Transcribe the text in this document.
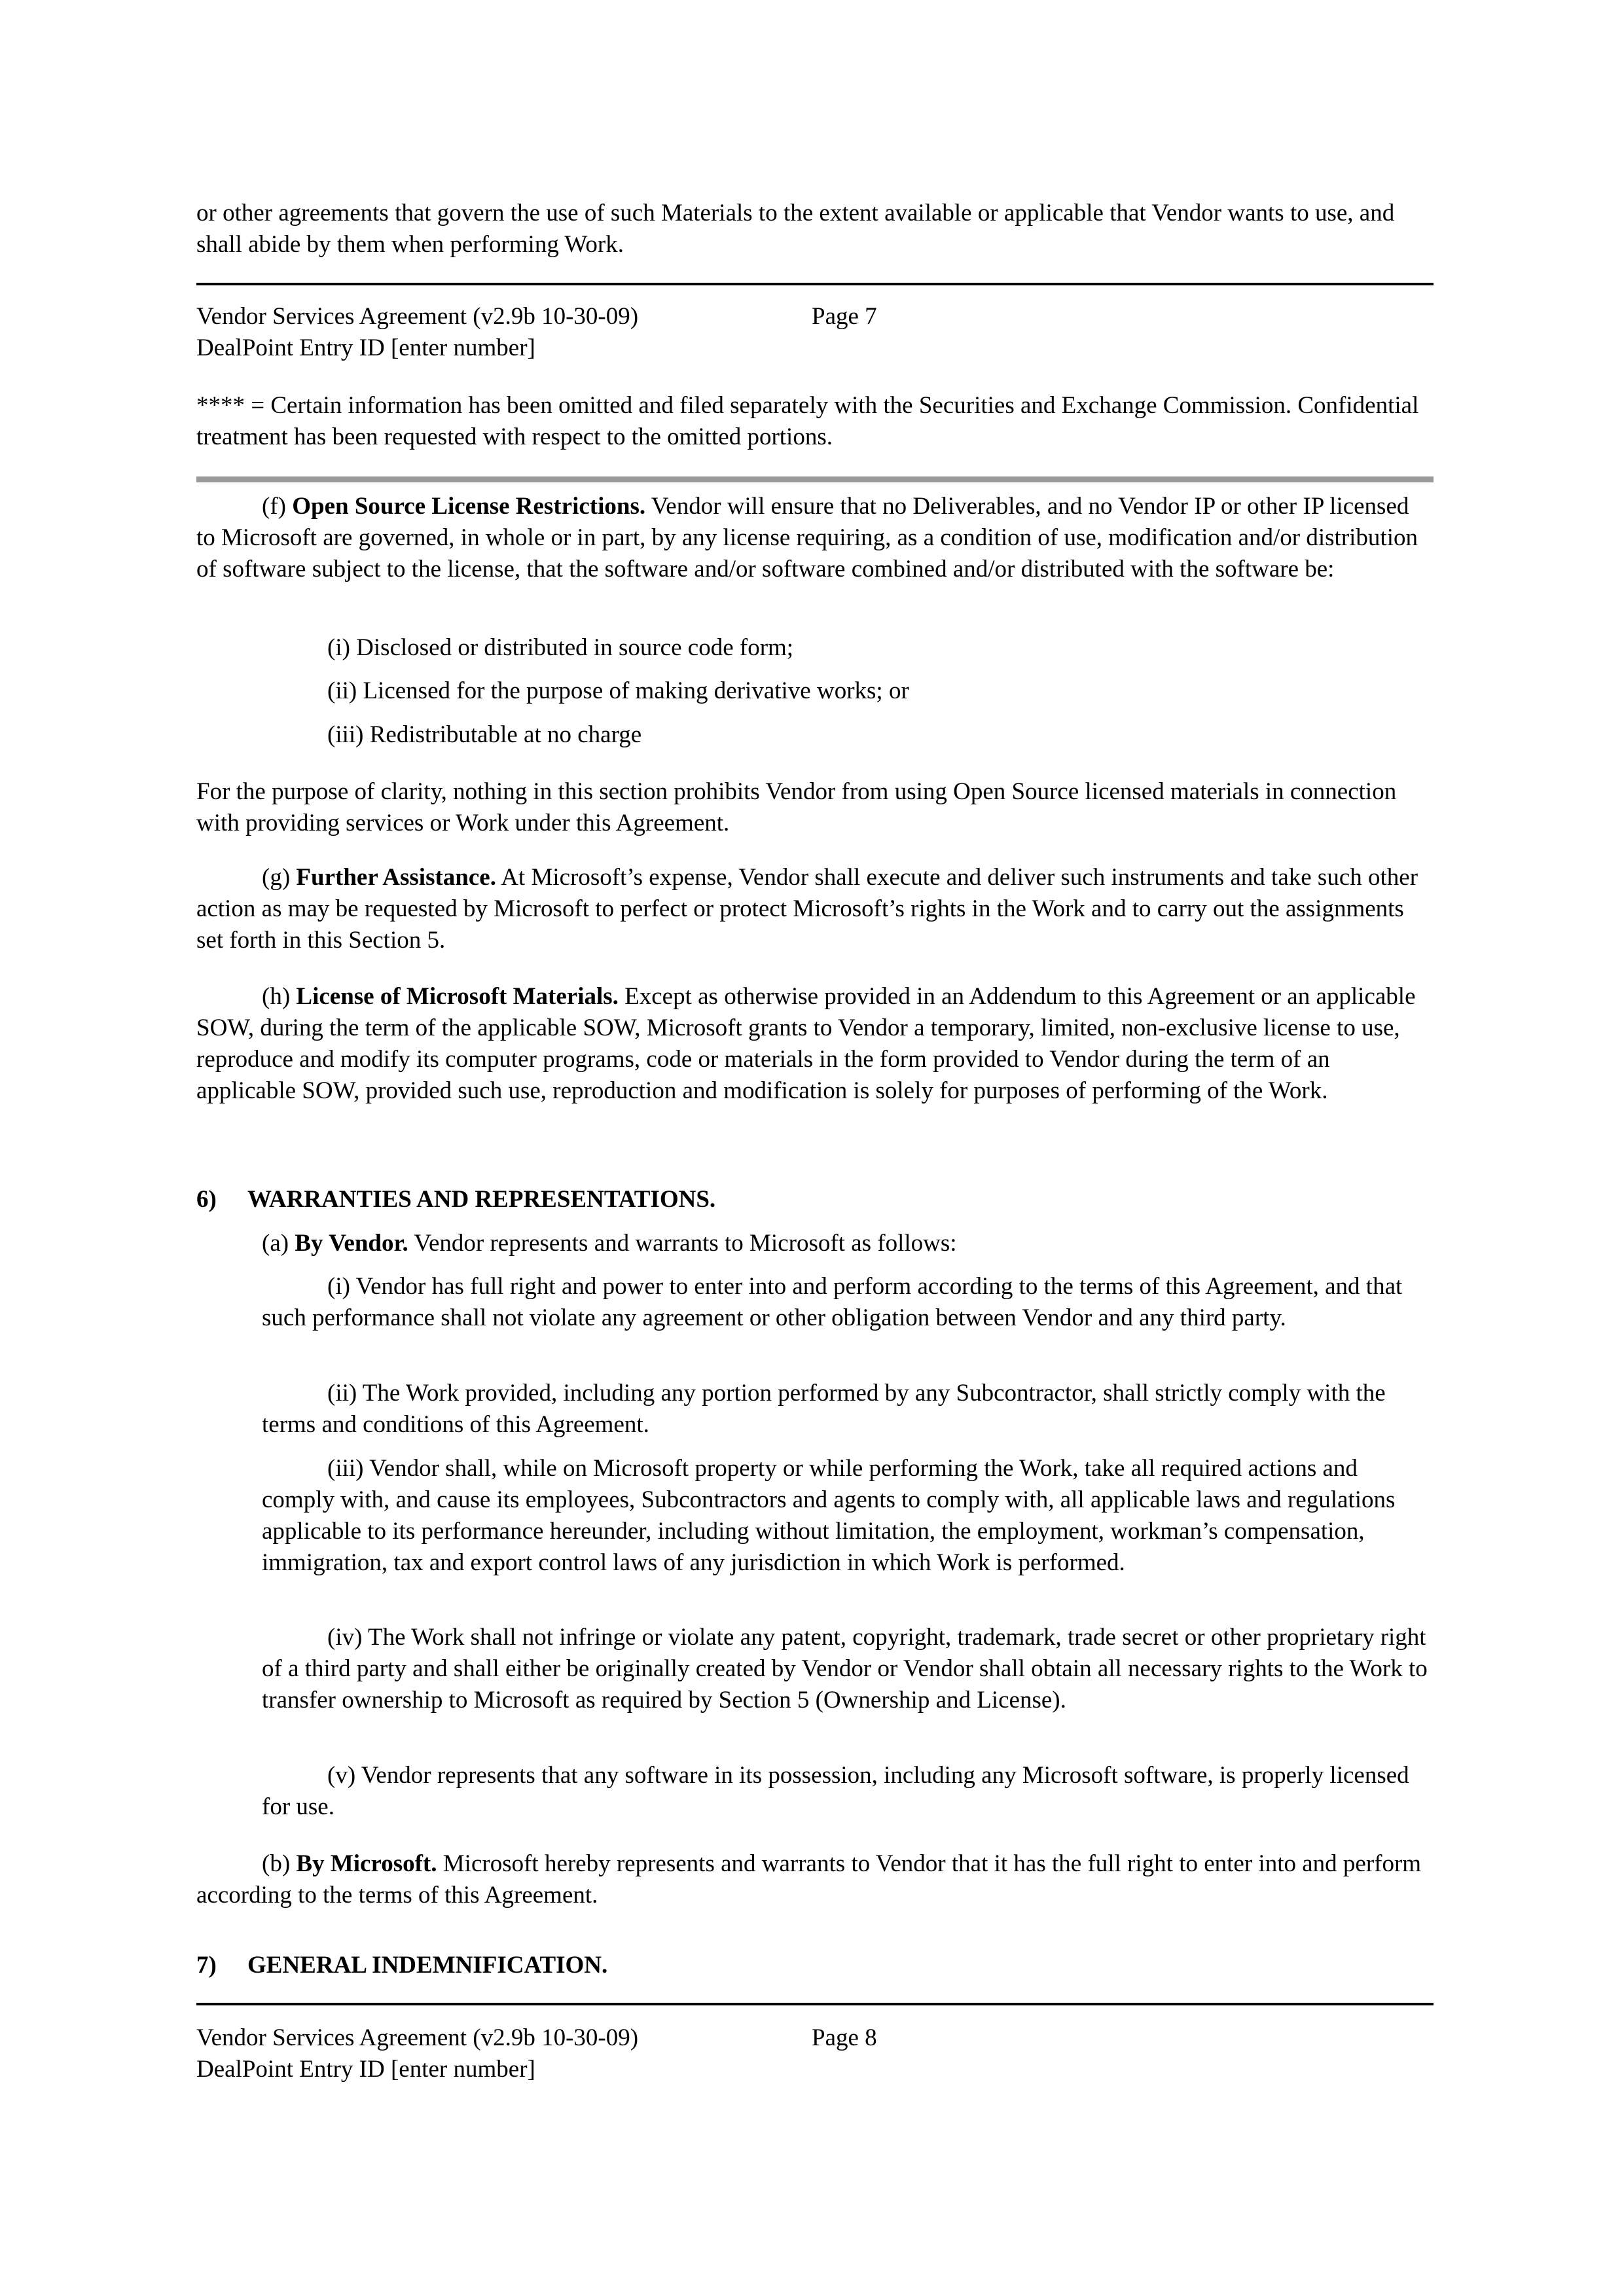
or other agreements that govern the use of such Materials to the extent available or applicable that Vendor wants to use, and shall abide by them when performing Work.

Vendor Services Agreement (v2.9b 10-30-09)
DealPoint Entry ID [enter number]
Page 7

**** = Certain information has been omitted and filed separately with the Securities and Exchange Commission. Confidential treatment has been requested with respect to the omitted portions.

(f) Open Source License Restrictions. Vendor will ensure that no Deliverables, and no Vendor IP or other IP licensed to Microsoft are governed, in whole or in part, by any license requiring, as a condition of use, modification and/or distribution of software subject to the license, that the software and/or software combined and/or distributed with the software be:

(i) Disclosed or distributed in source code form;

(ii) Licensed for the purpose of making derivative works; or

(iii) Redistributable at no charge

For the purpose of clarity, nothing in this section prohibits Vendor from using Open Source licensed materials in connection with providing services or Work under this Agreement.

(g) Further Assistance. At Microsoft’s expense, Vendor shall execute and deliver such instruments and take such other action as may be requested by Microsoft to perfect or protect Microsoft’s rights in the Work and to carry out the assignments set forth in this Section 5.

(h) License of Microsoft Materials. Except as otherwise provided in an Addendum to this Agreement or an applicable SOW, during the term of the applicable SOW, Microsoft grants to Vendor a temporary, limited, non-exclusive license to use, reproduce and modify its computer programs, code or materials in the form provided to Vendor during the term of an applicable SOW, provided such use, reproduction and modification is solely for purposes of performing of the Work.

6) WARRANTIES AND REPRESENTATIONS.

(a) By Vendor. Vendor represents and warrants to Microsoft as follows:

(i) Vendor has full right and power to enter into and perform according to the terms of this Agreement, and that such performance shall not violate any agreement or other obligation between Vendor and any third party.

(ii) The Work provided, including any portion performed by any Subcontractor, shall strictly comply with the terms and conditions of this Agreement.

(iii) Vendor shall, while on Microsoft property or while performing the Work, take all required actions and comply with, and cause its employees, Subcontractors and agents to comply with, all applicable laws and regulations applicable to its performance hereunder, including without limitation, the employment, workman’s compensation, immigration, tax and export control laws of any jurisdiction in which Work is performed.

(iv) The Work shall not infringe or violate any patent, copyright, trademark, trade secret or other proprietary right of a third party and shall either be originally created by Vendor or Vendor shall obtain all necessary rights to the Work to transfer ownership to Microsoft as required by Section 5 (Ownership and License).

(v) Vendor represents that any software in its possession, including any Microsoft software, is properly licensed for use.

(b) By Microsoft. Microsoft hereby represents and warrants to Vendor that it has the full right to enter into and perform according to the terms of this Agreement.

7) GENERAL INDEMNIFICATION.

Vendor Services Agreement (v2.9b 10-30-09)
DealPoint Entry ID [enter number]
Page 8
